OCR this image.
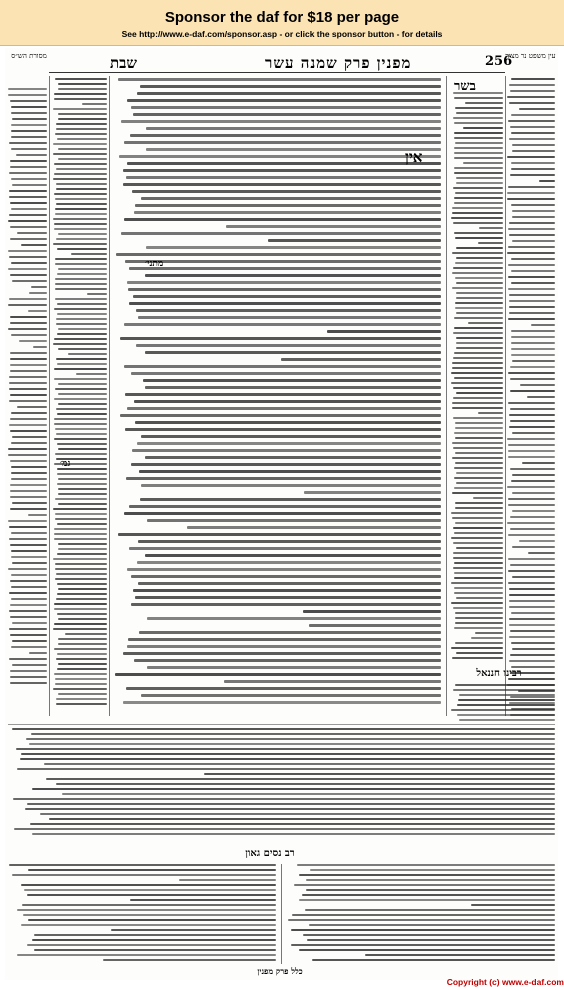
Sponsor the daf for $18 per page
See http://www.e-daf.com/sponsor.asp - or click the sponsor button - for details
עין משפט נר מצוה
256
מפנין פרק שמנה עשר
שבת
מסורת הש״ס
בשר
אין
מתני׳
גמ׳
רבינו חננאל
רב נסים גאון
כלל פרק מפנין
Copyright (c) www.e-daf.com
